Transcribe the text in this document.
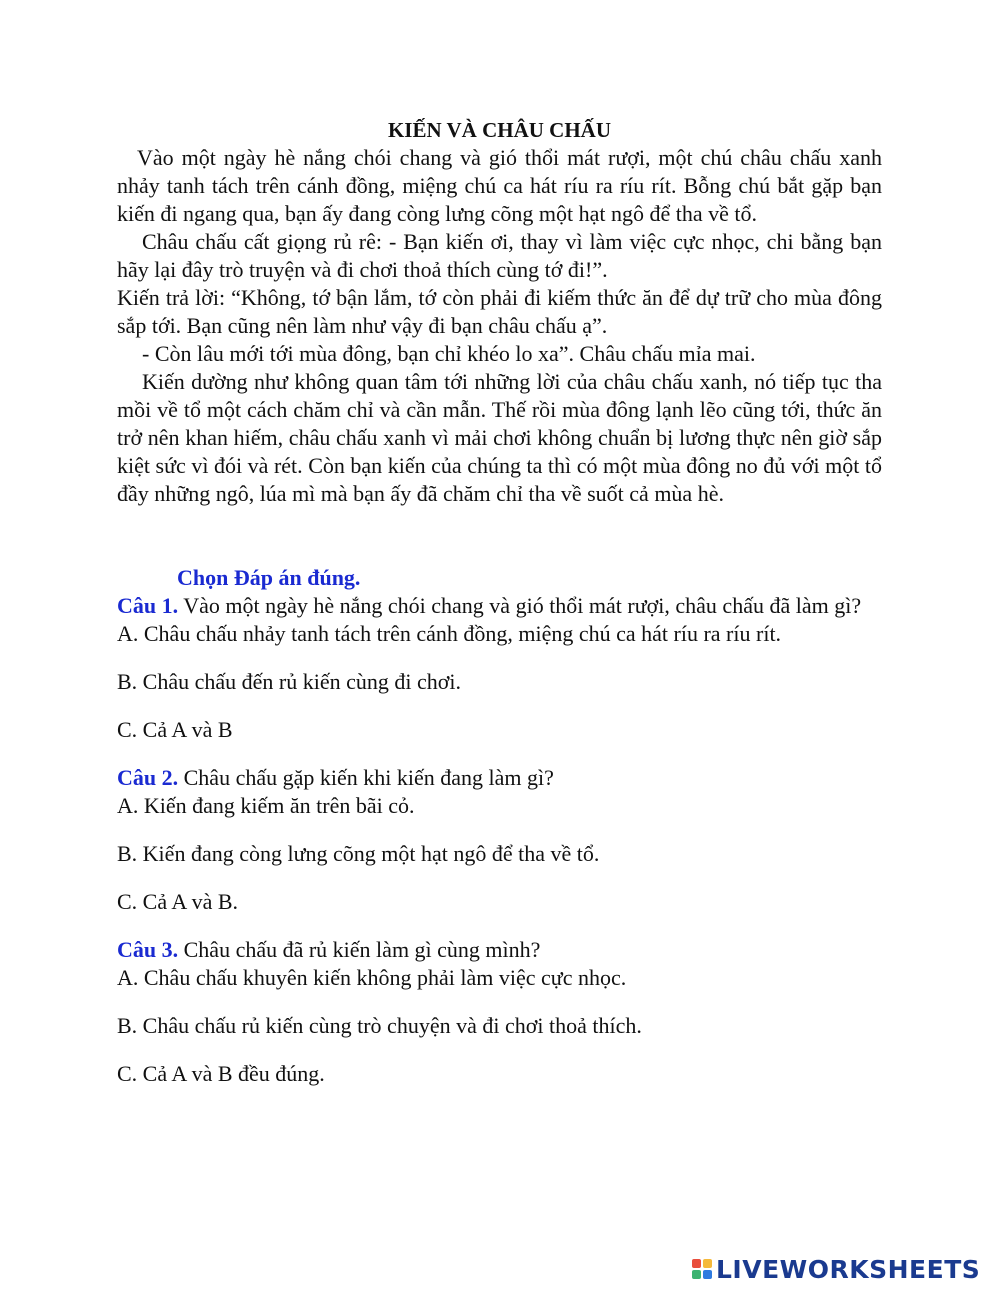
KIẾN VÀ CHÂU CHẤU

Vào một ngày hè nắng chói chang và gió thổi mát rượi, một chú châu chấu xanh nhảy tanh tách trên cánh đồng, miệng chú ca hát ríu ra ríu rít. Bỗng chú bắt gặp bạn kiến đi ngang qua, bạn ấy đang còng lưng cõng một hạt ngô để tha về tổ.

Châu chấu cất giọng rủ rê: - Bạn kiến ơi, thay vì làm việc cực nhọc, chi bằng bạn hãy lại đây trò truyện và đi chơi thoả thích cùng tớ đi!”.

Kiến trả lời: “Không, tớ bận lắm, tớ còn phải đi kiếm thức ăn để dự trữ cho mùa đông sắp tới. Bạn cũng nên làm như vậy đi bạn châu chấu ạ”.

- Còn lâu mới tới mùa đông, bạn chỉ khéo lo xa”. Châu chấu mỉa mai.

Kiến dường như không quan tâm tới những lời của châu chấu xanh, nó tiếp tục tha mồi về tổ một cách chăm chỉ và cần mẫn. Thế rồi mùa đông lạnh lẽo cũng tới, thức ăn trở nên khan hiếm, châu chấu xanh vì mải chơi không chuẩn bị lương thực nên giờ sắp kiệt sức vì đói và rét. Còn bạn kiến của chúng ta thì có một mùa đông no đủ với một tổ đầy những ngô, lúa mì mà bạn ấy đã chăm chỉ tha về suốt cả mùa hè.

Chọn Đáp án đúng.

Câu 1. Vào một ngày hè nắng chói chang và gió thổi mát rượi, châu chấu đã làm gì?

A. Châu chấu nhảy tanh tách trên cánh đồng, miệng chú ca hát ríu ra ríu rít.

B. Châu chấu đến rủ kiến cùng đi chơi.

C. Cả A và B

Câu 2. Châu chấu gặp kiến khi kiến đang làm gì?

A. Kiến đang kiếm ăn trên bãi cỏ.

B. Kiến đang còng lưng cõng một hạt ngô để tha về tổ.

C. Cả A và B.

Câu 3. Châu chấu đã rủ kiến làm gì cùng mình?

A. Châu chấu khuyên kiến không phải làm việc cực nhọc.

B. Châu chấu rủ kiến cùng trò chuyện và đi chơi thoả thích.

C. Cả A và B đều đúng.

LIVEWORKSHEETS
